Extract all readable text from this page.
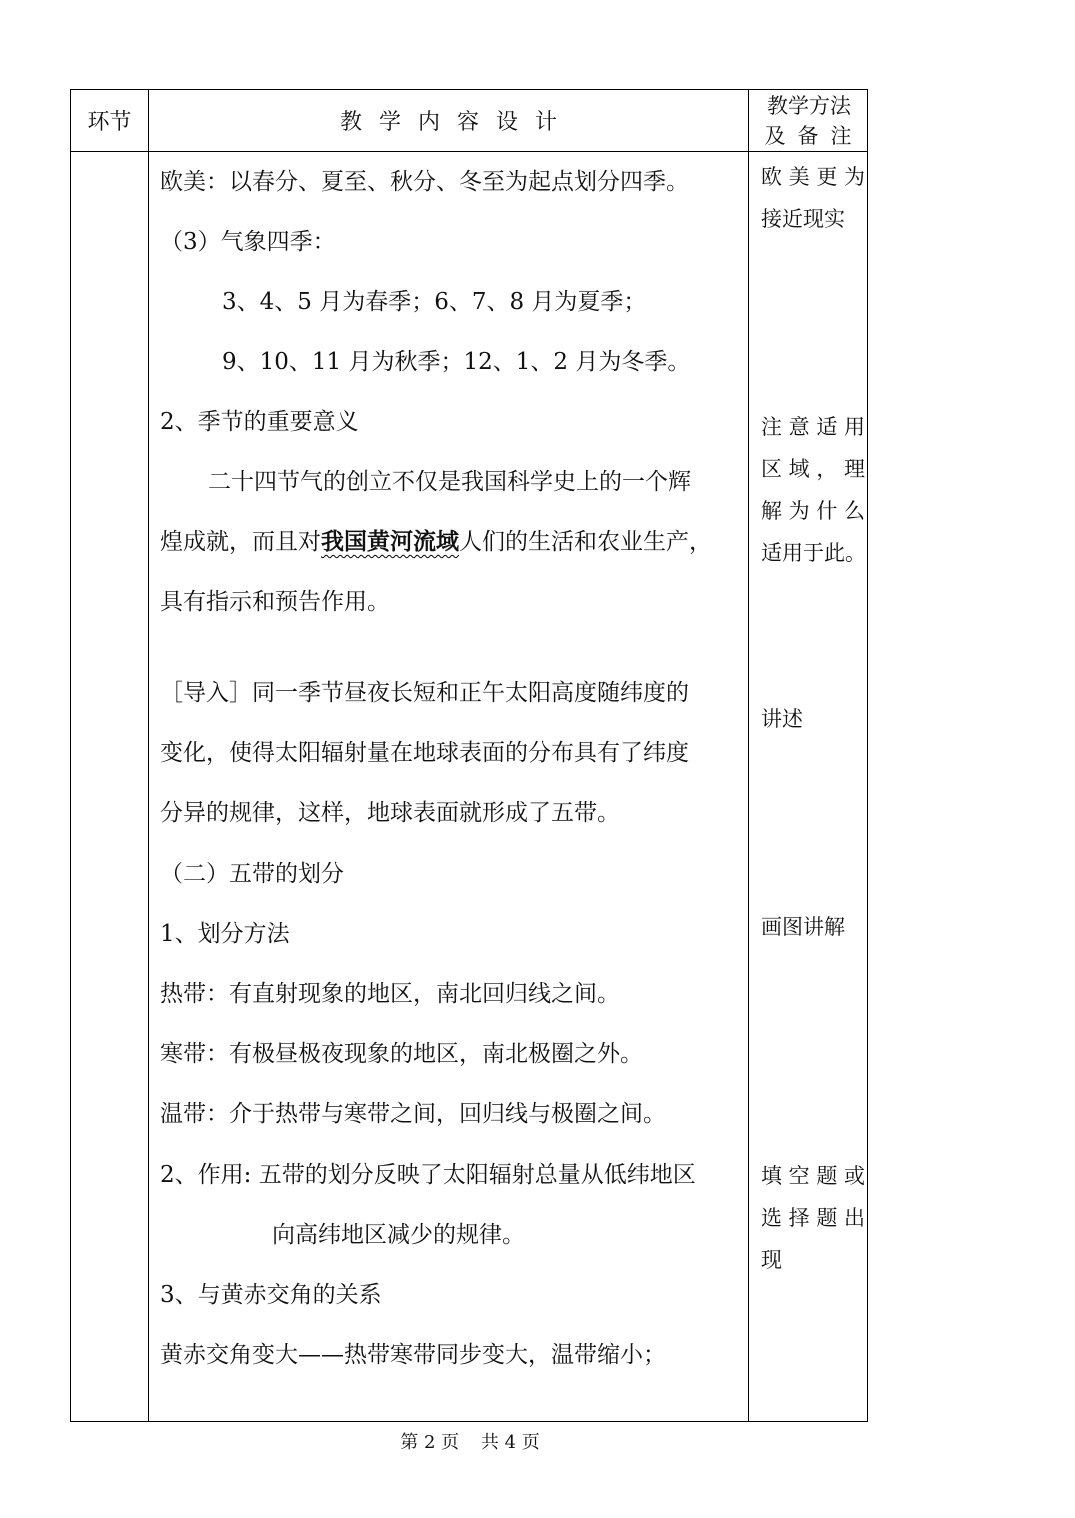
环节	教学内容设计
教学方法
及备注
欧美：以春分、夏至、秋分、冬至为起点划分四季。
（3）气象四季：
3、4、5 月为春季；6、7、8 月为夏季；
9、10、11 月为秋季；12、1、2 月为冬季。
2、季节的重要意义
二十四节气的创立不仅是我国科学史上的一个辉
煌成就，而且对我国黄河流域人们的生活和农业生产，
具有指示和预告作用。
［导入］同一季节昼夜长短和正午太阳高度随纬度的
变化，使得太阳辐射量在地球表面的分布具有了纬度
分异的规律，这样，地球表面就形成了五带。
（二）五带的划分
1、划分方法
热带：有直射现象的地区，南北回归线之间。
寒带：有极昼极夜现象的地区，南北极圈之外。
温带：介于热带与寒带之间，回归线与极圈之间。
2、作用: 五带的划分反映了太阳辐射总量从低纬地区
向高纬地区减少的规律。
3、与黄赤交角的关系
黄赤交角变大——热带寒带同步变大，温带缩小；
欧 美 更 为
接近现实
注 意 适 用
区 域 ， 理
解 为 什 么
适用于此。
讲述
画图讲解
填 空 题 或
选 择 题 出
现
第 2 页 共 4 页
